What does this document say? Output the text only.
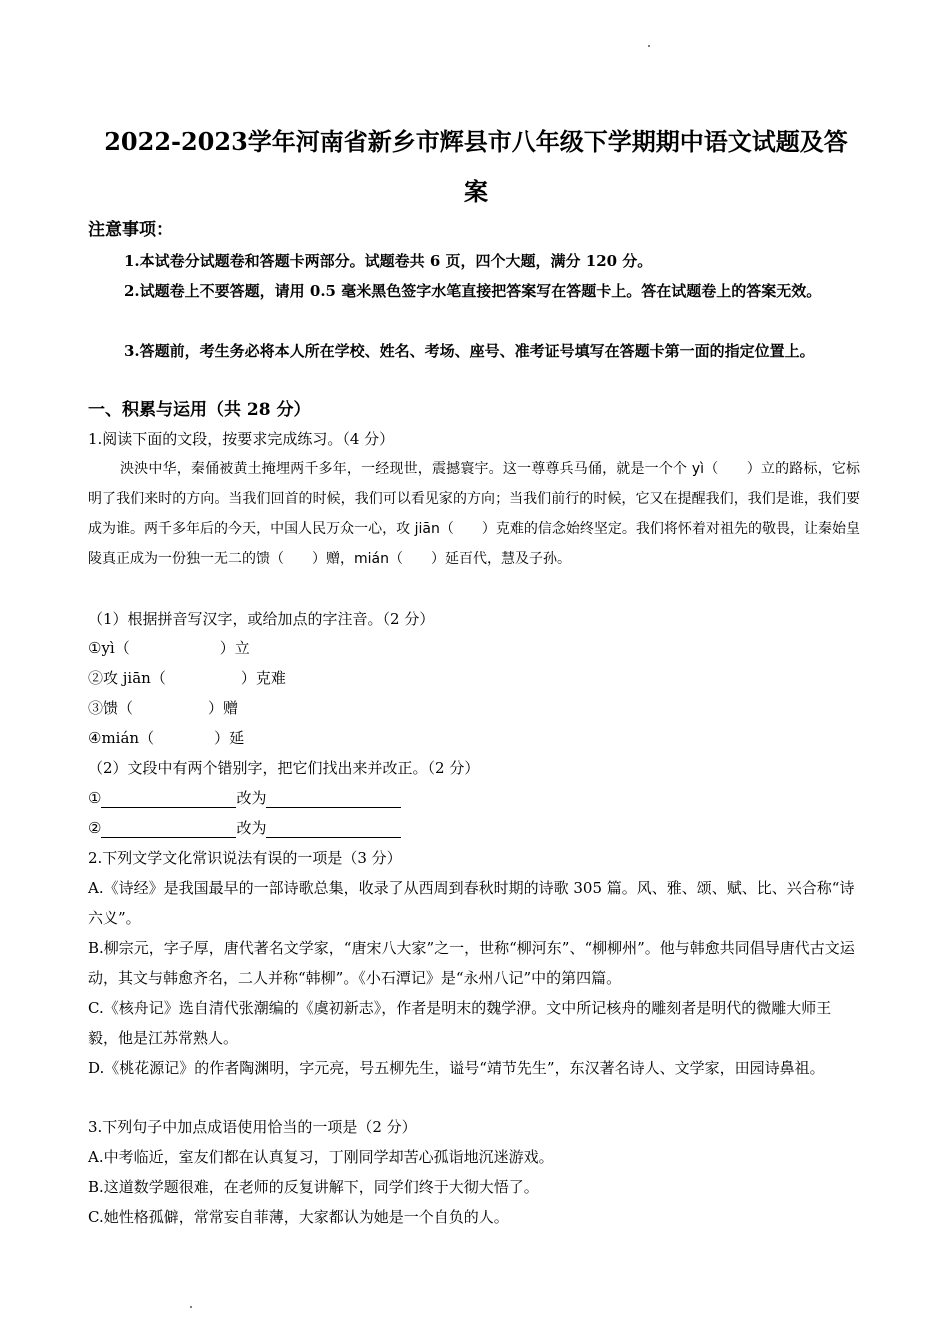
2022-2023学年河南省新乡市辉县市八年级下学期期中语文试题及答
案
注意事项：
1.本试卷分试题卷和答题卡两部分。试题卷共 6 页，四个大题，满分 120 分。
2.试题卷上不要答题，请用 0.5 毫米黑色签字水笔直接把答案写在答题卡上。答在试题卷上的答案无效。
3.答题前，考生务必将本人所在学校、姓名、考场、座号、准考证号填写在答题卡第一面的指定位置上。
一、积累与运用（共 28 分）
1.阅读下面的文段，按要求完成练习。（4 分）
泱泱中华，秦俑被黄土掩埋两千多年，一经现世，震撼寰宇。这一尊尊兵马俑，就是一个个 yì（　　）立的路标，它标明了我们来时的方向。当我们回首的时候，我们可以看见家的方向；当我们前行的时候，它又在提醒我们，我们是谁，我们要成为谁。两千多年后的今天，中国人民万众一心，攻 jiān（　　）克难的信念始终坚定。我们将怀着对祖先的敬畏，让秦始皇陵真正成为一份独一无二的馈（　　）赠，mián（　　）延百代，慧及子孙。
（1）根据拼音写汉字，或给加点的字注音。（2 分）
①yì（　　　　　　）立
②攻 jiān（　　　　　）克难
③馈（　　　　　）赠
④mián（　　　　）延
（2）文段中有两个错别字，把它们找出来并改正。（2 分）
①	改为
②	改为
2.下列文学文化常识说法有误的一项是（3 分）
A.《诗经》是我国最早的一部诗歌总集，收录了从西周到春秋时期的诗歌 305 篇。风、雅、颂、赋、比、兴合称“诗六义”。
B.柳宗元，字子厚，唐代著名文学家，“唐宋八大家”之一，世称“柳河东”、“柳柳州”。他与韩愈共同倡导唐代古文运动，其文与韩愈齐名，二人并称“韩柳”。《小石潭记》是“永州八记”中的第四篇。
C.《核舟记》选自清代张潮编的《虞初新志》，作者是明末的魏学洢。文中所记核舟的雕刻者是明代的微雕大师王毅，他是江苏常熟人。
D.《桃花源记》的作者陶渊明，字元亮，号五柳先生，谥号“靖节先生”，东汉著名诗人、文学家，田园诗鼻祖。
3.下列句子中加点成语使用恰当的一项是（2 分）
A.中考临近，室友们都在认真复习，丁刚同学却苦心孤诣地沉迷游戏。
B.这道数学题很难，在老师的反复讲解下，同学们终于大彻大悟了。
C.她性格孤僻，常常妄自菲薄，大家都认为她是一个自负的人。
